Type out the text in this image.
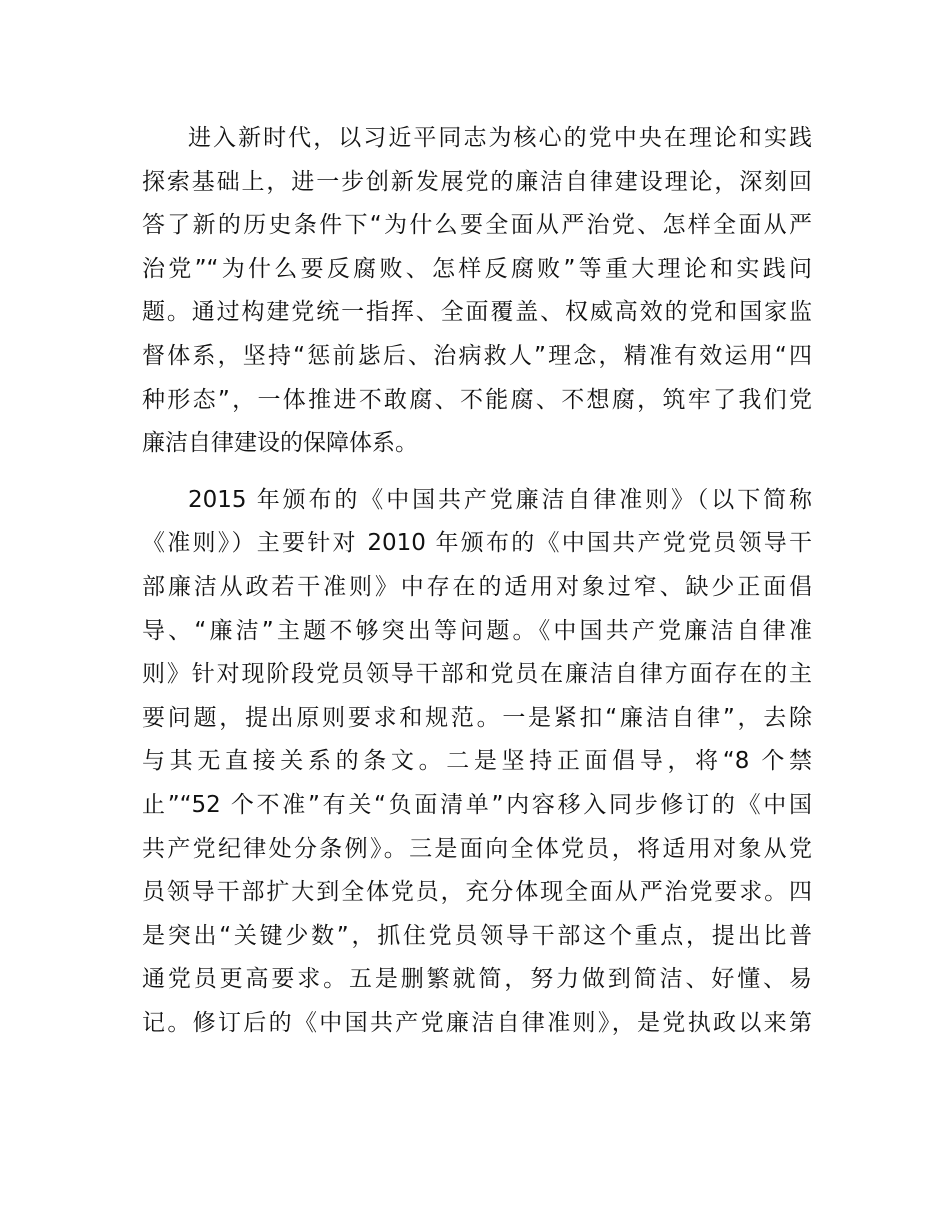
进入新时代，以习近平同志为核心的党中央在理论和实践
探索基础上，进一步创新发展党的廉洁自律建设理论，深刻回
答了新的历史条件下“为什么要全面从严治党、怎样全面从严
治党”“为什么要反腐败、怎样反腐败”等重大理论和实践问
题。通过构建党统一指挥、全面覆盖、权威高效的党和国家监
督体系，坚持“惩前毖后、治病救人”理念，精准有效运用“四
种形态”，一体推进不敢腐、不能腐、不想腐，筑牢了我们党
廉洁自律建设的保障体系。

2015 年颁布的《中国共产党廉洁自律准则》（以下简称
《准则》）主要针对 2010 年颁布的《中国共产党党员领导干
部廉洁从政若干准则》中存在的适用对象过窄、缺少正面倡
导、“廉洁”主题不够突出等问题。《中国共产党廉洁自律准
则》针对现阶段党员领导干部和党员在廉洁自律方面存在的主
要问题，提出原则要求和规范。一是紧扣“廉洁自律”，去除
与其无直接关系的条文。二是坚持正面倡导，将“8 个禁
止”“52 个不准”有关“负面清单”内容移入同步修订的《中国
共产党纪律处分条例》。三是面向全体党员，将适用对象从党
员领导干部扩大到全体党员，充分体现全面从严治党要求。四
是突出“关键少数”，抓住党员领导干部这个重点，提出比普
通党员更高要求。五是删繁就简，努力做到简洁、好懂、易
记。修订后的《中国共产党廉洁自律准则》，是党执政以来第
